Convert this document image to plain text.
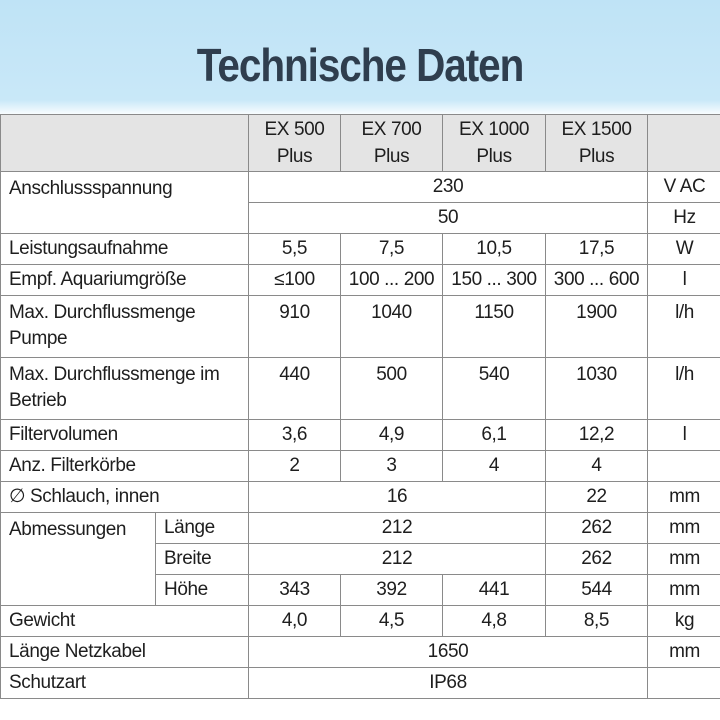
Technische Daten
		EX 500 Plus	EX 700 Plus	EX 1000 Plus	EX 1500 Plus	
Anschlussspannung		230				V AC
		50				Hz
Leistungsaufnahme		5,5	7,5	10,5	17,5	W
Empf. Aquariumgröße		≤100	100 ... 200	150 ... 300	300 ... 600	l
Max. Durchflussmenge Pumpe		910	1040	1150	1900	l/h
Max. Durchflussmenge im Betrieb		440	500	540	1030	l/h
Filtervolumen		3,6	4,9	6,1	12,2	l
Anz. Filterkörbe		2	3	4	4	
∅ Schlauch, innen		16			22	mm
Abmessungen	Länge	212			262	mm
	Breite	212			262	mm
	Höhe	343	392	441	544	mm
Gewicht		4,0	4,5	4,8	8,5	kg
Länge Netzkabel		1650				mm
Schutzart		IP68				
